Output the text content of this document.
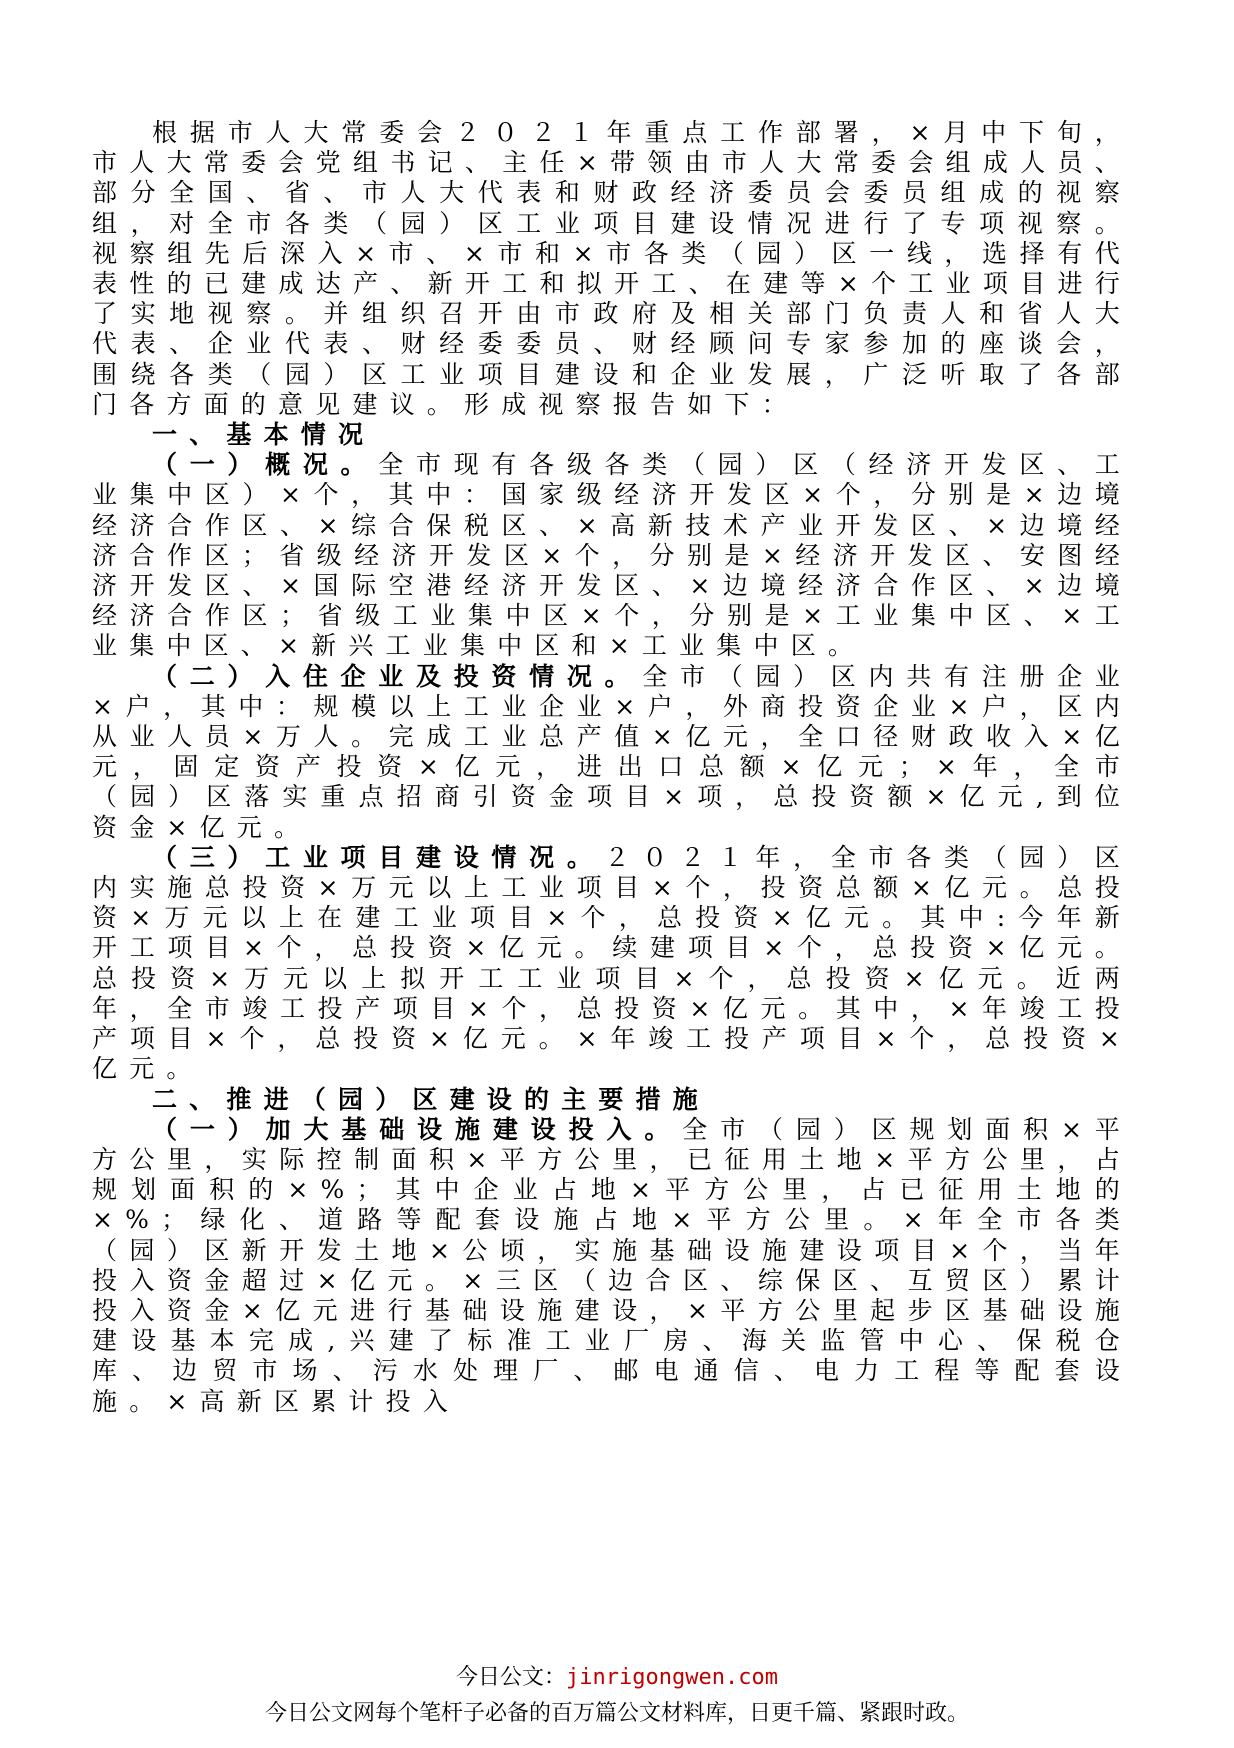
根据市人大常委会２０２１年重点工作部署，×月中下旬，市人大常委会党组书记、主任×带领由市人大常委会组成人员、部分全国、省、市人大代表和财政经济委员会委员组成的视察组，对全市各类（园）区工业项目建设情况进行了专项视察。视察组先后深入×市、×市和×市各类（园）区一线，选择有代表性的已建成达产、新开工和拟开工、在建等×个工业项目进行了实地视察。并组织召开由市政府及相关部门负责人和省人大代表、企业代表、财经委委员、财经顾问专家参加的座谈会，围绕各类（园）区工业项目建设和企业发展，广泛听取了各部门各方面的意见建议。形成视察报告如下：

一、基本情况

（一）概况。全市现有各级各类（园）区（经济开发区、工业集中区）×个，其中：国家级经济开发区×个，分别是×边境经济合作区、×综合保税区、×高新技术产业开发区、×边境经济合作区；省级经济开发区×个，分别是×经济开发区、安图经济开发区、×国际空港经济开发区、×边境经济合作区、×边境经济合作区；省级工业集中区×个，分别是×工业集中区、×工业集中区、×新兴工业集中区和×工业集中区。

（二）入住企业及投资情况。全市（园）区内共有注册企业×户，其中：规模以上工业企业×户，外商投资企业×户，区内从业人员×万人。完成工业总产值×亿元，全口径财政收入×亿元，固定资产投资×亿元，进出口总额×亿元；×年，全市（园）区落实重点招商引资金项目×项，总投资额×亿元,到位资金×亿元。

（三）工业项目建设情况。２０２１年，全市各类（园）区内实施总投资×万元以上工业项目×个，投资总额×亿元。总投资×万元以上在建工业项目×个，总投资×亿元。其中:今年新开工项目×个，总投资×亿元。续建项目×个，总投资×亿元。总投资×万元以上拟开工工业项目×个，总投资×亿元。近两年，全市竣工投产项目×个，总投资×亿元。其中，×年竣工投产项目×个，总投资×亿元。×年竣工投产项目×个，总投资×亿元。

二、推进（园）区建设的主要措施

（一）加大基础设施建设投入。全市（园）区规划面积×平方公里，实际控制面积×平方公里，已征用土地×平方公里，占规划面积的×%；其中企业占地×平方公里，占已征用土地的×%；绿化、道路等配套设施占地×平方公里。×年全市各类（园）区新开发土地×公顷，实施基础设施建设项目×个，当年投入资金超过×亿元。×三区（边合区、综保区、互贸区）累计投入资金×亿元进行基础设施建设，×平方公里起步区基础设施建设基本完成,兴建了标准工业厂房、海关监管中心、保税仓库、边贸市场、污水处理厂、邮电通信、电力工程等配套设施。×高新区累计投入

今日公文：jinrigongwen.com
今日公文网每个笔杆子必备的百万篇公文材料库，日更千篇、紧跟时政。
